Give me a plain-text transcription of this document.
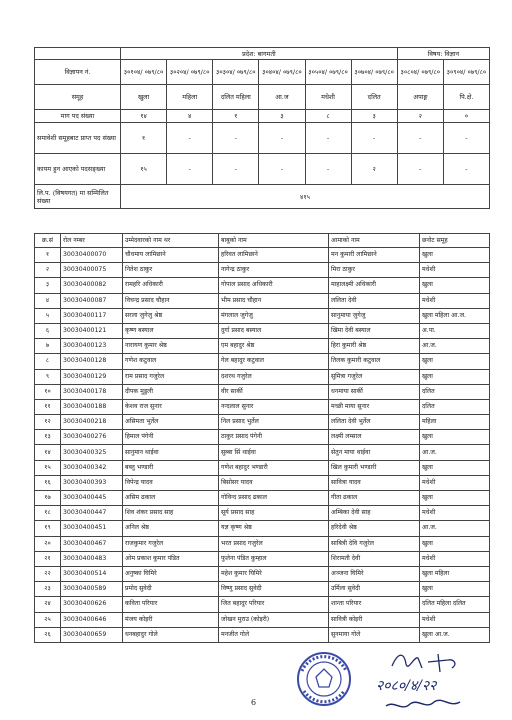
	प्रदेश: बागमती						विषय: विज्ञान	
विज्ञापन नं.	३०१०४/ ०७९/८०	३०२०४/ ०७९/८०	३०३०४/ ०७९/८०	३०४०४/ ०७९/८०	३०५०४/ ०७९/८०	३०७०४/ ०७९/८०	३०८०४/ ०७९/८०	३०९०४/ ०७९/८०
समूह	खुला	महिला	दलित महिला	आ.ज	मधेशी	दलित	अपाङ्ग	पि.क्षे.
माग पद संख्या	१४	४	१	३	८	३	२	०
समावेशी समूहबाट प्राप्त पद संख्या	१	-	-	-	-	-	-	-
कायम हुन आएको पदसङ्ख्या	१५	-	-	-	-	२	-	-
लि.प. (विषयगत) मा सम्मिलित संख्या	४१५							
क्र.सं	रोल नम्बर	उम्मेदवारको नाम थर	बाबुको नाम	आमाको नाम	छनोट समूह
१	30030400070	चौधमाय लामिछाने	हरिवत लामिछाने	मन कुमारी लामिछाने	खुला
२	30030400075	नितेश ठाकुर	नागेन्द्र ठाकुर	मिरा ठाकुर	मधेशी
३	30030400082	रामहरि अधिकारी	गोपाल प्रसाद अधिकारी	माहालक्ष्मी अधिकारी	खुला
४	30030400087	विचन्द्र प्रसाद चौहान	भीम प्रसाद चौहान	ललिता देवी	मधेशी
५	30030400117	सरला जुगेजु श्रेष्ठ	मंगलाल जुगेजु	सानुमाया जुगेजु	खुला महिला आ.ज.
६	30030400121	कृष्ण बस्याल	दुर्गा प्रसाद बस्याल	खिमा देवी बस्याल	अ.पा.
७	30030400123	नारायण कुमार श्रेष्ठ	एम बहादुर श्रेष्ठ	हिरा कुमारी श्रेष्ठ	आ.ज.
८	30030400128	गणेश कटुवाल	गेल बहादुर कटुवाल	तिलक कुमारी कटुवाल	खुला
९	30030400129	राम प्रसाद गजुरेल	दशरथ गजुरेल	सुमित्रा गजुरेल	खुला
१०	30030400178	दीपक मुडुली	वीर सार्की	धनमाया सार्की	दलित
११	30030400188	केशव राज सुनार	नन्दलाल सुनार	मच्छी माया सुनार	दलित
१२	30030400218	असिमता भुर्तेल	निल प्रसाद भुर्तेल	ललिता देवी भुर्तेल	महिला
१३	30030400276	हिमाल पंगेनी	ठाकुर प्रसाद पंगेनी	लक्ष्मी लम्साल	खुला
१४	30030400325	सानुमान थाईवा	सुब्बा सिं थाईवा	सेतुन माया थाईवा	आ.ज.
१५	30030400342	बब्लु भण्डारी	गणेश बहादुर भण्डारी	खिल कुमारी भण्डारी	खुला
१६	30030400393	विपेन्द्र यादव	बिसोसर यादव	सावित्रा यादव	मधेशी
१७	30030400445	असिम ढकाल	गोविन्द प्रसाद ढकाल	गीता ढकाल	खुला
१८	30030400447	शिव शंकर प्रसाद साह	सूर्य प्रसाद साह	अम्बिका देवी साह	मधेशी
१९	30030400451	अनिल श्रेष्ठ	यज्ञ कृष्ण श्रेष्ठ	हरिदेवी श्रेष्ठ	आ.ज.
२०	30030400467	राजकुमार गजुरेल	भरत प्रसाद गजुरेल	साबित्री देवि गजुरेल	खुला
२१	30030400483	ओम प्रकाश कुमार पंडित	फुलेना पंडित कुम्हाल	शिरामती देवी	मधेशी
२२	30030400514	अनुष्का घिमिरे	महेश कुमार घिमिरे	अञ्जना घिमिरे	खुला महिला
२३	30030400589	प्रमोद सुवेदी	विष्णु प्रसाद सुवेदी	उर्मिला सुवेदी	खुला
२४	30030400626	कविता परियार	जित बहादुर परियार	शान्ता परियार	दलित महिला दलित
२५	30030400646	मंजय कोइरी	जोखन मुराउ (कोइरी)	सावित्री कोइरी	मधेशी
२६	30030400659	धनबहादुर गोले	मनजीत गोले	सुनमाया गोले	खुला आ.ज.
6
२०८०/४/२२
